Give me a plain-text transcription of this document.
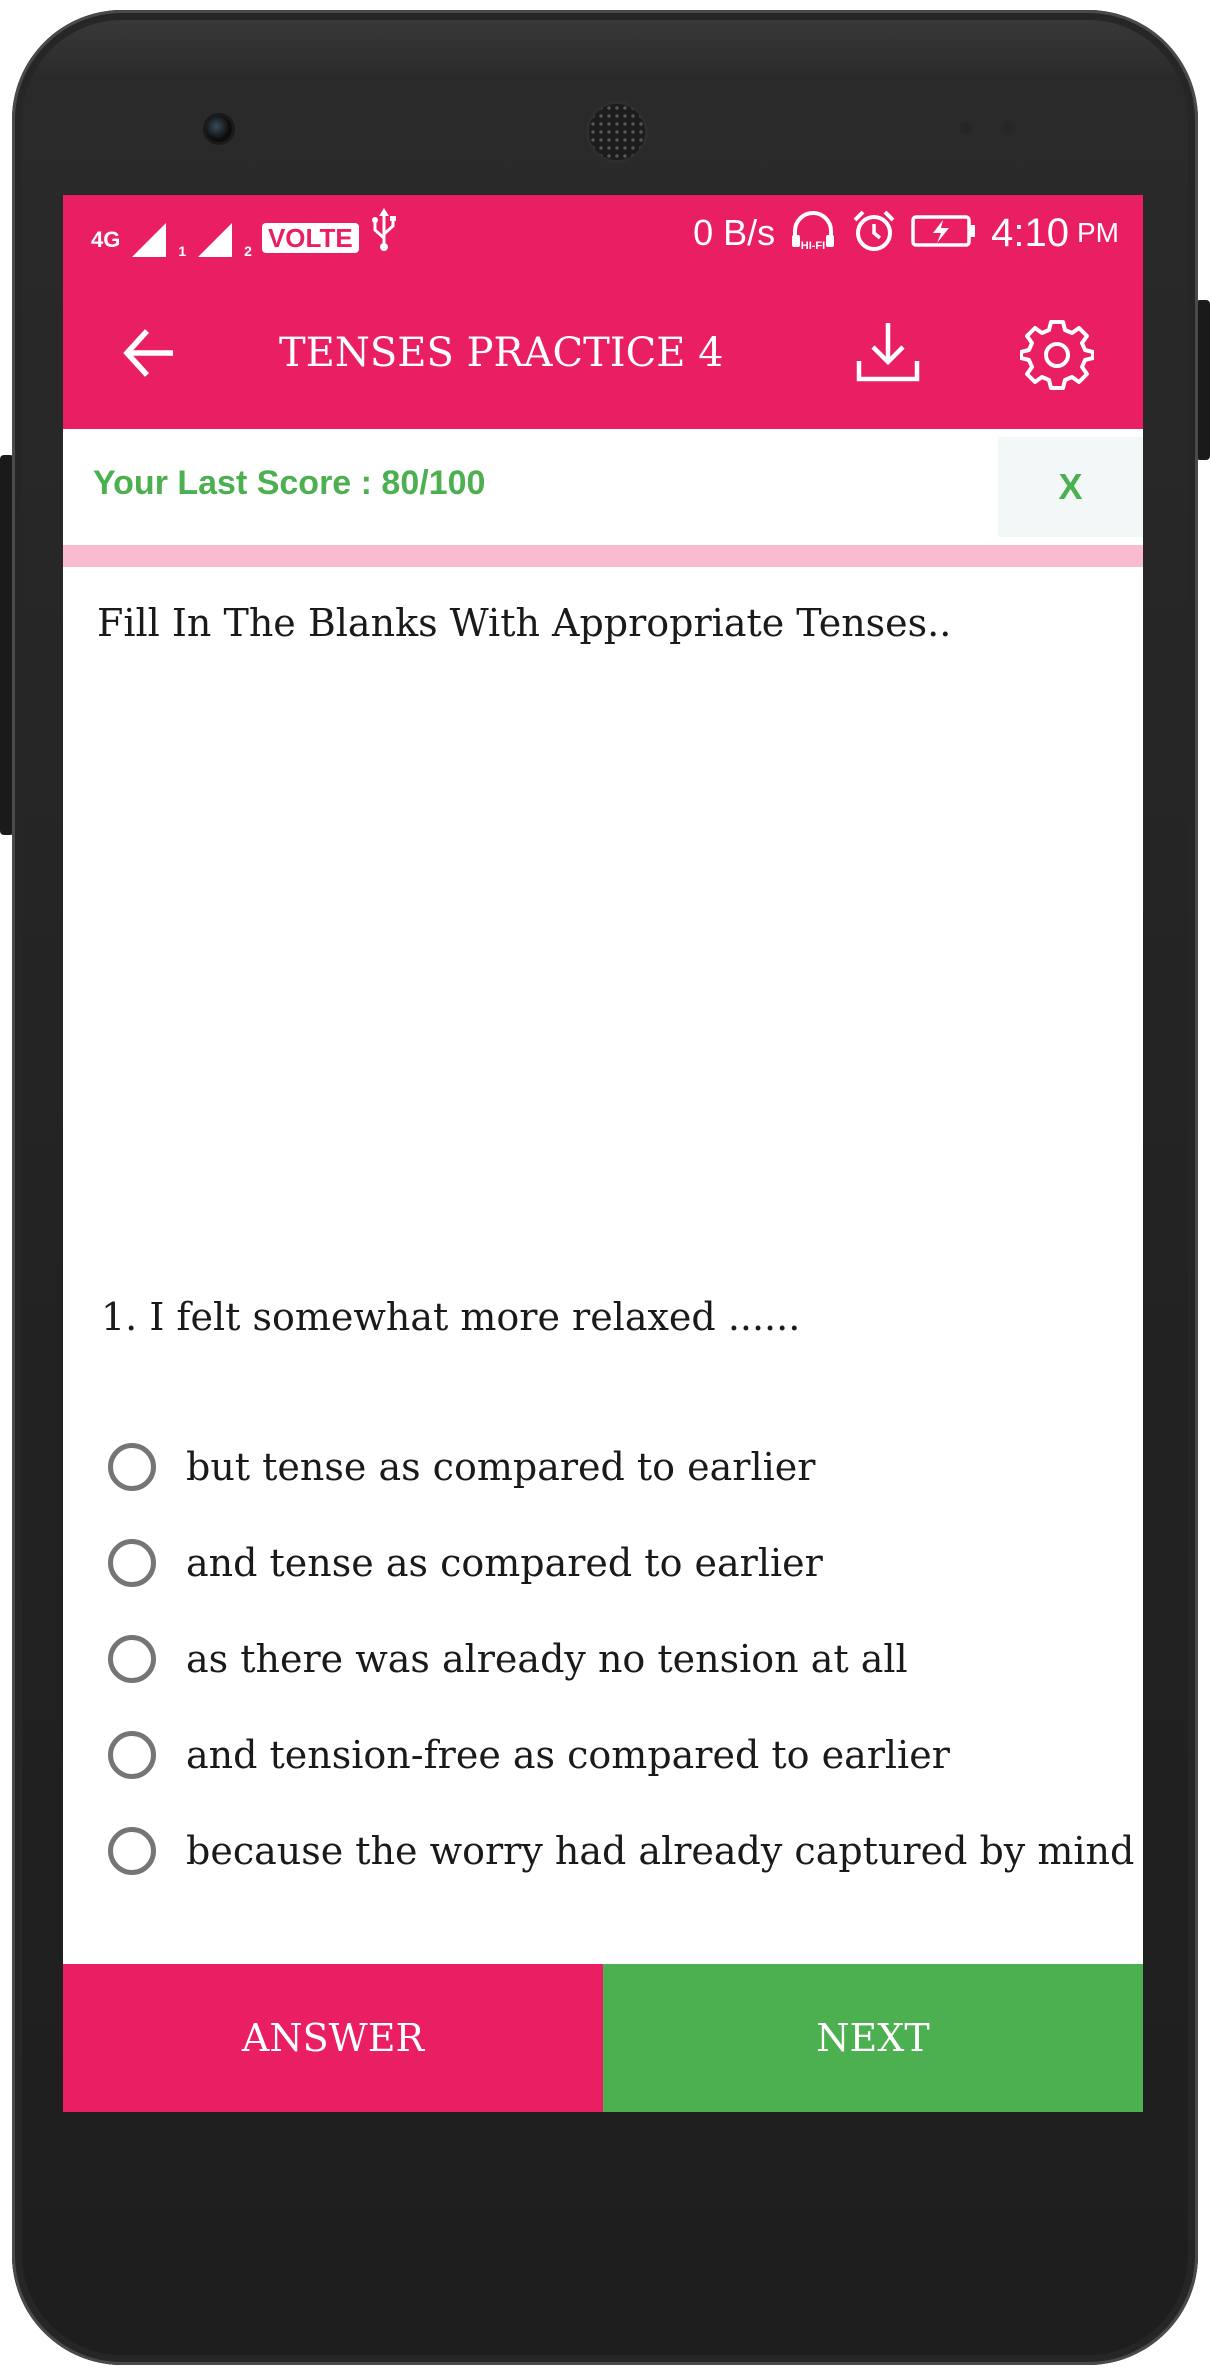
4G	1	2 VOLTE	0 B/s HI-FI	4:10 PM
TENSES PRACTICE 4
Your Last Score : 80/100	X
Fill In The Blanks With Appropriate Tenses..
1. I felt somewhat more relaxed ......
but tense as compared to earlier
and tense as compared to earlier
as there was already no tension at all
and tension-free as compared to earlier
because the worry had already captured by mind
ANSWER	NEXT
